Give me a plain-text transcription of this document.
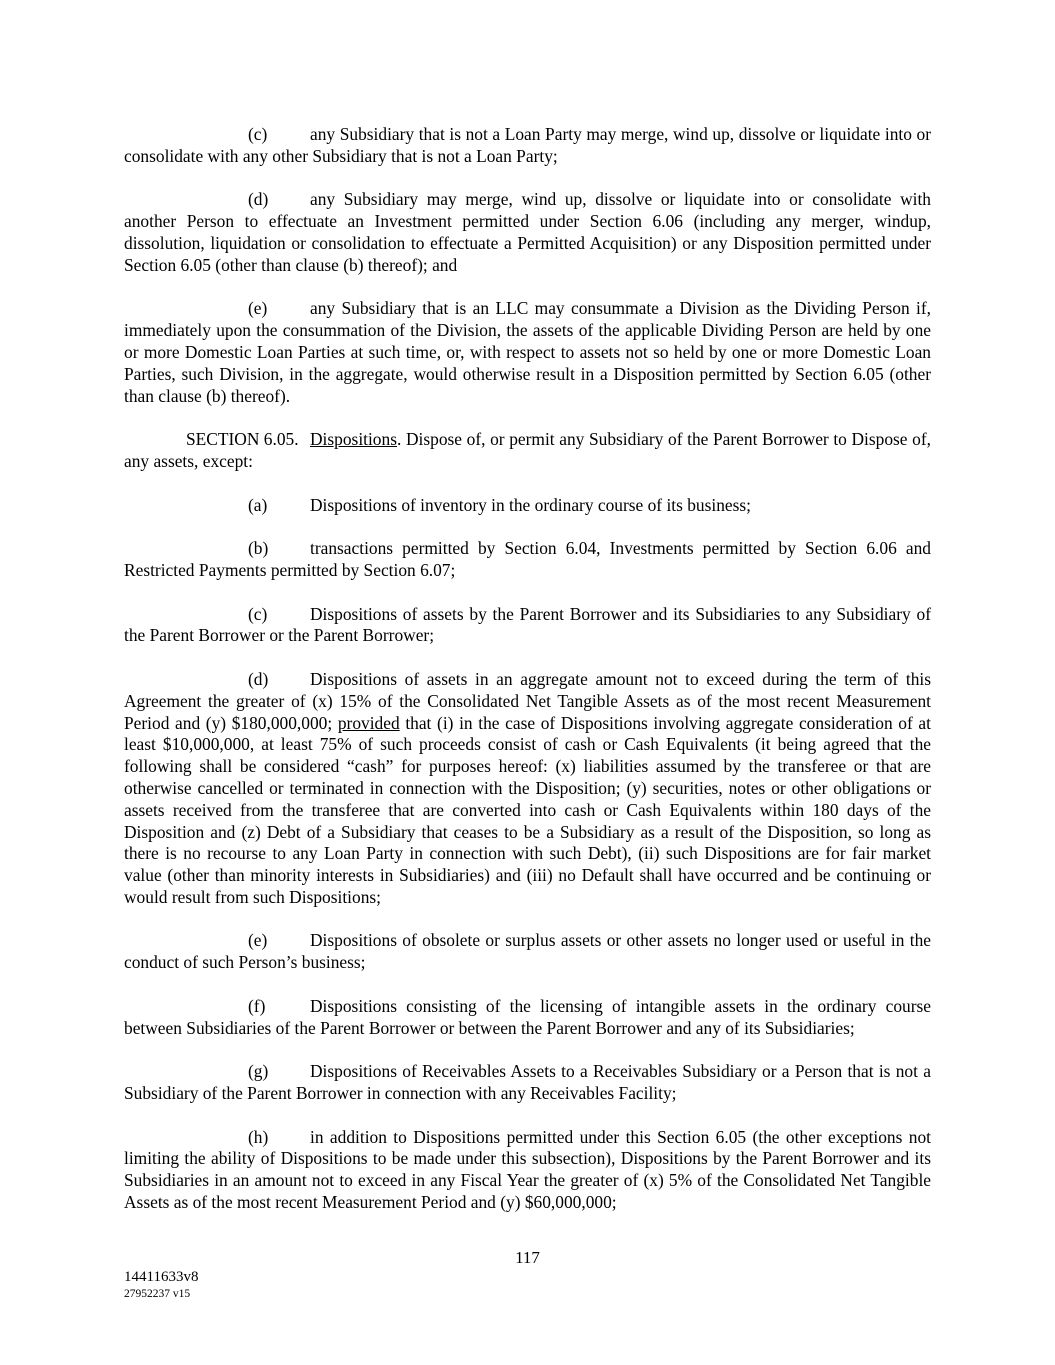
(c) any Subsidiary that is not a Loan Party may merge, wind up, dissolve or liquidate into or consolidate with any other Subsidiary that is not a Loan Party;

(d) any Subsidiary may merge, wind up, dissolve or liquidate into or consolidate with another Person to effectuate an Investment permitted under Section 6.06 (including any merger, windup, dissolution, liquidation or consolidation to effectuate a Permitted Acquisition) or any Disposition permitted under Section 6.05 (other than clause (b) thereof); and

(e) any Subsidiary that is an LLC may consummate a Division as the Dividing Person if, immediately upon the consummation of the Division, the assets of the applicable Dividing Person are held by one or more Domestic Loan Parties at such time, or, with respect to assets not so held by one or more Domestic Loan Parties, such Division, in the aggregate, would otherwise result in a Disposition permitted by Section 6.05 (other than clause (b) thereof).

SECTION 6.05. Dispositions. Dispose of, or permit any Subsidiary of the Parent Borrower to Dispose of, any assets, except:

(a) Dispositions of inventory in the ordinary course of its business;

(b) transactions permitted by Section 6.04, Investments permitted by Section 6.06 and Restricted Payments permitted by Section 6.07;

(c) Dispositions of assets by the Parent Borrower and its Subsidiaries to any Subsidiary of the Parent Borrower or the Parent Borrower;

(d) Dispositions of assets in an aggregate amount not to exceed during the term of this Agreement the greater of (x) 15% of the Consolidated Net Tangible Assets as of the most recent Measurement Period and (y) $180,000,000; provided that (i) in the case of Dispositions involving aggregate consideration of at least $10,000,000, at least 75% of such proceeds consist of cash or Cash Equivalents (it being agreed that the following shall be considered “cash” for purposes hereof: (x) liabilities assumed by the transferee or that are otherwise cancelled or terminated in connection with the Disposition; (y) securities, notes or other obligations or assets received from the transferee that are converted into cash or Cash Equivalents within 180 days of the Disposition and (z) Debt of a Subsidiary that ceases to be a Subsidiary as a result of the Disposition, so long as there is no recourse to any Loan Party in connection with such Debt), (ii) such Dispositions are for fair market value (other than minority interests in Subsidiaries) and (iii) no Default shall have occurred and be continuing or would result from such Dispositions;

(e) Dispositions of obsolete or surplus assets or other assets no longer used or useful in the conduct of such Person’s business;

(f)	Dispositions consisting of the licensing of intangible assets in the ordinary course between Subsidiaries of the Parent Borrower or between the Parent Borrower and any of its Subsidiaries;

(g) Dispositions of Receivables Assets to a Receivables Subsidiary or a Person that is not a Subsidiary of the Parent Borrower in connection with any Receivables Facility;

(h) in addition to Dispositions permitted under this Section 6.05 (the other exceptions not limiting the ability of Dispositions to be made under this subsection), Dispositions by the Parent Borrower and its Subsidiaries in an amount not to exceed in any Fiscal Year the greater of (x) 5% of the Consolidated Net Tangible Assets as of the most recent Measurement Period and (y) $60,000,000;

117
14411633v8
27952237 v15
